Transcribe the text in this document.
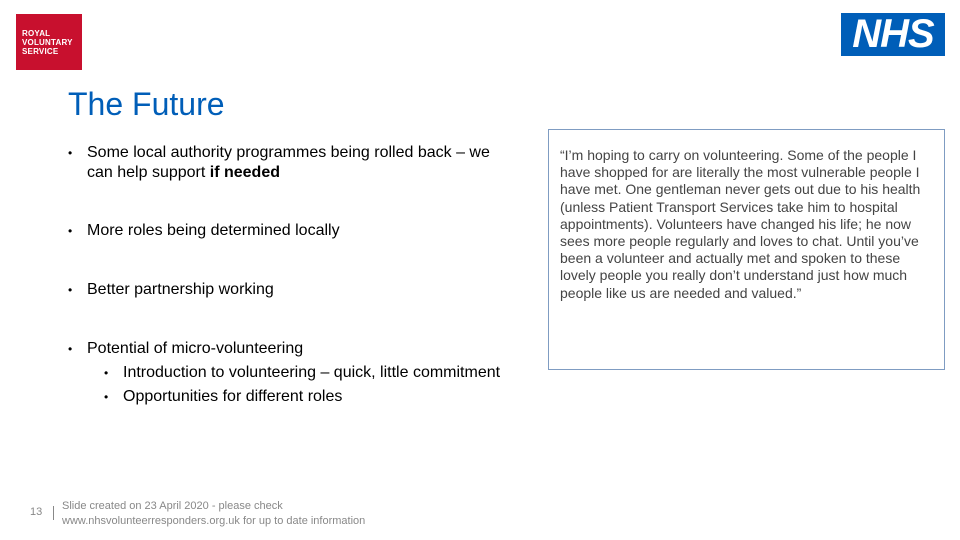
ROYAL
VOLUNTARY
SERVICE	NHS
The Future
• Some local authority programmes being rolled back – we can help support if needed
• More roles being determined locally
• Better partnership working
• Potential of micro-volunteering
• Introduction to volunteering – quick, little commitment
• Opportunities for different roles
“I’m hoping to carry on volunteering. Some of the people I have shopped for are literally the most vulnerable people I have met. One gentleman never gets out due to his health (unless Patient Transport Services take him to hospital appointments). Volunteers have changed his life; he now sees more people regularly and loves to chat. Until you’ve been a volunteer and actually met and spoken to these lovely people you really don’t understand just how much people like us are needed and valued.”
13 Slide created on 23 April 2020 - please check
www.nhsvolunteerresponders.org.uk for up to date information
